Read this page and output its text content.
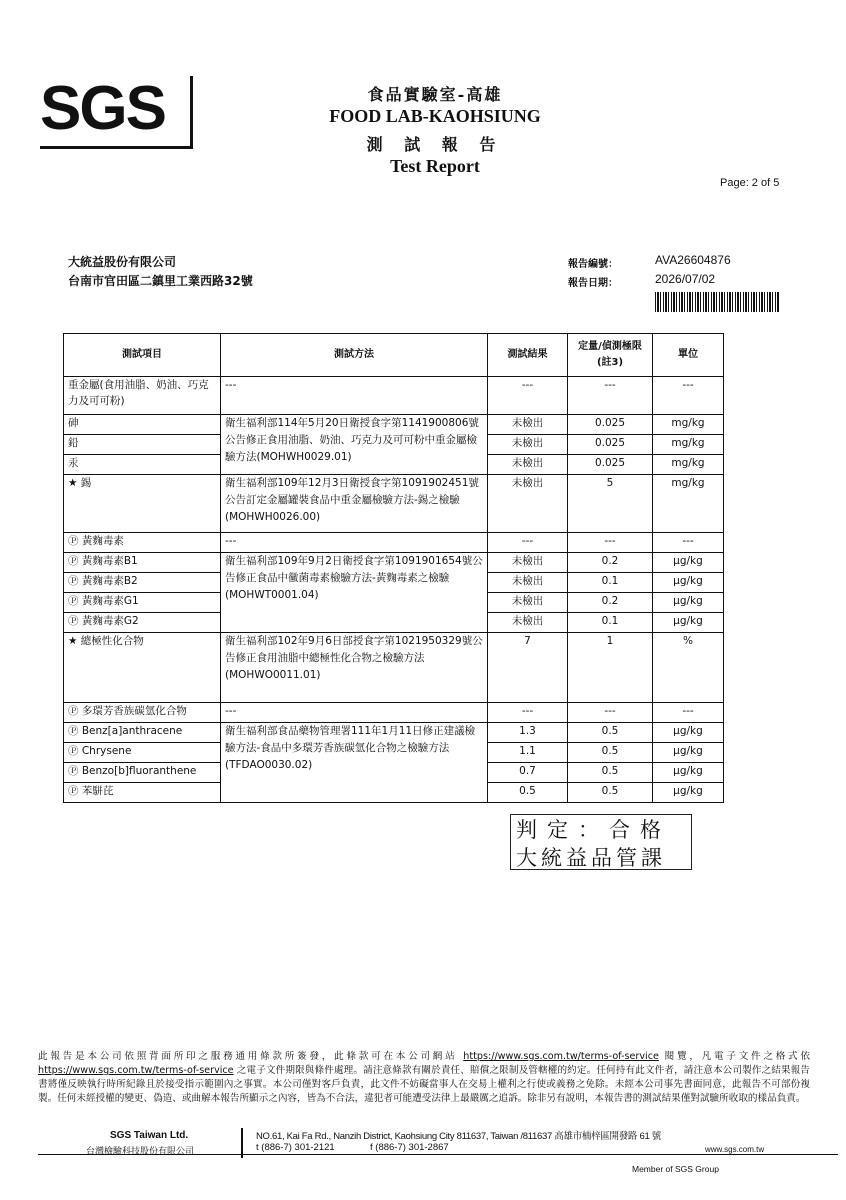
SGS	食品實驗室-高雄
FOOD LAB-KAOHSIUNG
測 試 報 告
Test Report
Page: 2 of 5
大統益股份有限公司
台南市官田區二鎮里工業西路32號
報告編號：	AVA26604876
報告日期：	2026/07/02
測試項目	測試方法	測試結果	定量/偵測極限(註3)	單位
重金屬(食用油脂、奶油、巧克力及可可粉)	---	---	---	---
砷	衛生福利部114年5月20日衛授食字第1141900806號公告修正食用油脂、奶油、巧克力及可可粉中重金屬檢驗方法(MOHWH0029.01)	未檢出	0.025	mg/kg
鉛		未檢出	0.025	mg/kg
汞		未檢出	0.025	mg/kg
★ 錫	衛生福利部109年12月3日衛授食字第1091902451號公告訂定金屬罐裝食品中重金屬檢驗方法-錫之檢驗(MOHWH0026.00)	未檢出	5	mg/kg
Ⓟ 黃麴毒素	---	---	---	---
Ⓟ 黃麴毒素B1	衛生福利部109年9月2日衛授食字第1091901654號公告修正食品中黴菌毒素檢驗方法-黃麴毒素之檢驗(MOHWT0001.04)	未檢出	0.2	μg/kg
Ⓟ 黃麴毒素B2		未檢出	0.1	μg/kg
Ⓟ 黃麴毒素G1		未檢出	0.2	μg/kg
Ⓟ 黃麴毒素G2		未檢出	0.1	μg/kg
★ 總極性化合物	衛生福利部102年9月6日部授食字第1021950329號公告修正食用油脂中總極性化合物之檢驗方法(MOHWO0011.01)	7	1	%
Ⓟ 多環芳香族碳氫化合物	---	---	---	---
Ⓟ Benz[a]anthracene	衛生福利部食品藥物管理署111年1月11日修正建議檢驗方法-食品中多環芳香族碳氫化合物之檢驗方法(TFDAO0030.02)	1.3	0.5	μg/kg
Ⓟ Chrysene		1.1	0.5	μg/kg
Ⓟ Benzo[b]fluoranthene		0.7	0.5	μg/kg
Ⓟ 苯駢芘		0.5	0.5	μg/kg
判定：合格
大統益品管課
此報告是本公司依照背面所印之服務通用條款所簽發，此條款可在本公司網站 https://www.sgs.com.tw/terms-of-service 閱覽，凡電子文件之格式依https://www.sgs.com.tw/terms-of-service 之電子文件期限與條件處理。請注意條款有關於責任、賠償之限制及管轄權的約定。任何持有此文件者，請注意本公司製作之結果報告書將僅反映執行時所紀錄且於接受指示範圍內之事實。本公司僅對客戶負責，此文件不妨礙當事人在交易上權利之行使或義務之免除。未經本公司事先書面同意，此報告不可部份複製。任何未經授權的變更、偽造、或曲解本報告所顯示之內容，皆為不合法，違犯者可能遭受法律上最嚴厲之追訴。除非另有說明，本報告書的測試結果僅對試驗所收取的樣品負責。
SGS Taiwan Ltd.
台灣檢驗科技股份有限公司
NO.61, Kai Fa Rd., Nanzih District, Kaohsiung City 811637, Taiwan /811637 高雄市楠梓區開發路 61 號
t (886-7) 301-2121	f (886-7) 301-2867	www.sgs.com.tw
Member of SGS Group
